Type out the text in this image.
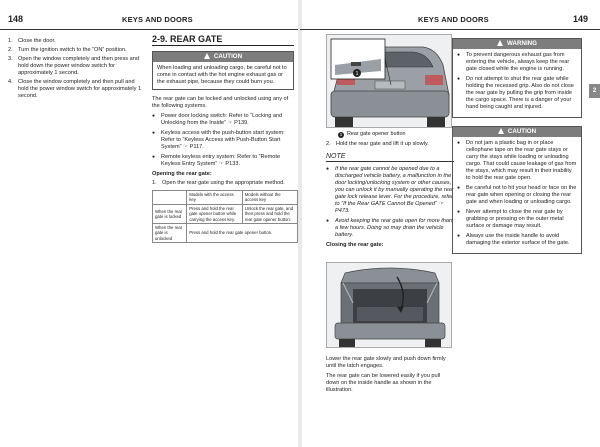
148	KEYS AND DOORS
1. Close the door.
2. Turn the ignition switch to the “ON” position.
3. Open the window completely and then press and hold down the power window switch for approximately 1 second.
4. Close the window completely and then pull and hold the power window switch for approximately 1 second.
2-9. REAR GATE
CAUTION
When loading and unloading cargo, be careful not to come in contact with the hot engine exhaust gas or the exhaust pipe, because they could burn you.

The rear gate can be locked and unlocked using any of the following systems.

● Power door locking switch: Refer to “Locking and Unlocking from the Inside” ☞ P139.
● Keyless access with the push-button start system: Refer to “Keyless Access with Push-Button Start System” ☞ P117.
● Remote keyless entry system: Refer to “Remote Keyless Entry System” ☞ P133.
Opening the rear gate:
1. Open the rear gate using the appropriate method.
	Models with the access key	Models without the access key
When the rear gate is locked	Press and hold the rear gate opener button while carrying the access key.	Unlock the rear gate, and then press and hold the rear gate opener button.
When the rear gate is unlocked	Press and hold the rear gate opener button.	
KEYS AND DOORS	149
2
1
1 Rear gate opener button
2. Hold the rear gate and lift it up slowly.
NOTE
● If the rear gate cannot be opened due to a discharged vehicle battery, a malfunction in the door locking/unlocking system or other causes, you can unlock it by manually operating the rear gate lock release lever. For the procedure, refer to “If the Rear GATE Cannot Be Opened” ☞ P473.
● Avoid keeping the rear gate open for more than a few hours. Doing so may drain the vehicle battery.
Closing the rear gate:

Lower the rear gate slowly and push down firmly until the latch engages.

The rear gate can be lowered easily if you pull down on the inside handle as shown in the illustration.

WARNING
● To prevent dangerous exhaust gas from entering the vehicle, always keep the rear gate closed while the engine is running.
● Do not attempt to shut the rear gate while holding the recessed grip. Also do not close the rear gate by pulling the grip from inside the cargo space. There is a danger of your hand being caught and injured.
CAUTION
● Do not jam a plastic bag in or place cellophane tape on the rear gate stays or carry the stays while loading or unloading cargo. That could cause leakage of gas from the stays, which may result in their inability to hold the rear gate open.
● Be careful not to hit your head or face on the rear gate when opening or closing the rear gate and when loading or unloading cargo.
● Never attempt to close the rear gate by grabbing or pressing on the outer metal surface or damage may result.
● Always use the inside handle to avoid damaging the exterior surface of the gate.
